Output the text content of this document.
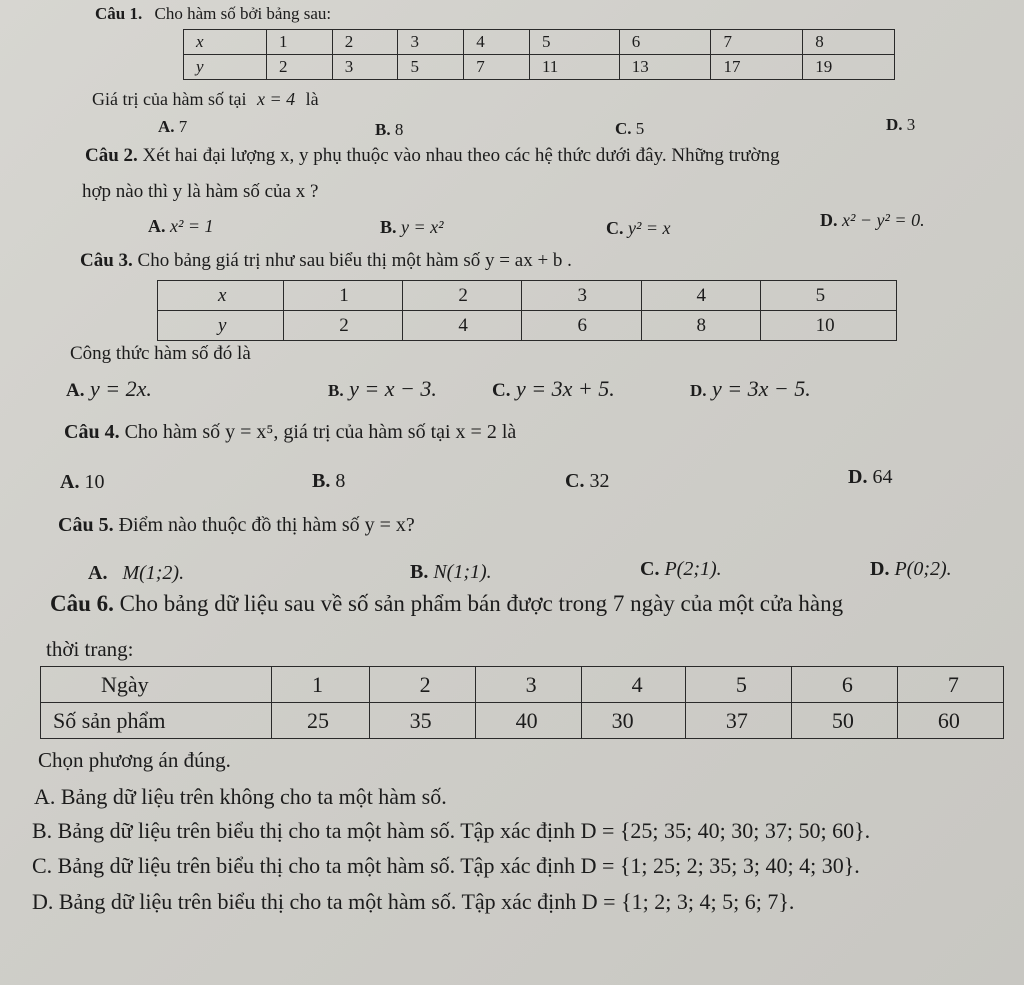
Câu 1. Cho hàm số bởi bảng sau:
x	1	2	3	4	5	6	7	8
y	2	3	5	7	11	13	17	19
Giá trị của hàm số tại x = 4 là
A. 7	B. 8	C. 5	D. 3
Câu 2. Xét hai đại lượng x, y phụ thuộc vào nhau theo các hệ thức dưới đây. Những trường
hợp nào thì y là hàm số của x ?
A. x² = 1	B. y = x²	C. y² = x	D. x² − y² = 0.
Câu 3. Cho bảng giá trị như sau biểu thị một hàm số y = ax + b .
x	1	2	3	4	5
y	2	4	6	8	10
Công thức hàm số đó là
A. y = 2x.	B. y = x − 3.	C. y = 3x + 5.	D. y = 3x − 5.
Câu 4. Cho hàm số y = x⁵, giá trị của hàm số tại x = 2 là
A. 10	B. 8	C. 32	D. 64
Câu 5. Điểm nào thuộc đồ thị hàm số y = x?
A. M(1;2).	B. N(1;1).	C. P(2;1).	D. P(0;2).
Câu 6. Cho bảng dữ liệu sau về số sản phẩm bán được trong 7 ngày của một cửa hàng
thời trang:
Ngày	1	2	3	4	5	6	7
Số sản phẩm	25	35	40	30	37	50	60
Chọn phương án đúng.
A. Bảng dữ liệu trên không cho ta một hàm số.
B. Bảng dữ liệu trên biểu thị cho ta một hàm số. Tập xác định D = {25; 35; 40; 30; 37; 50; 60}.
C. Bảng dữ liệu trên biểu thị cho ta một hàm số. Tập xác định D = {1; 25; 2; 35; 3; 40; 4; 30}.
D. Bảng dữ liệu trên biểu thị cho ta một hàm số. Tập xác định D = {1; 2; 3; 4; 5; 6; 7}.
